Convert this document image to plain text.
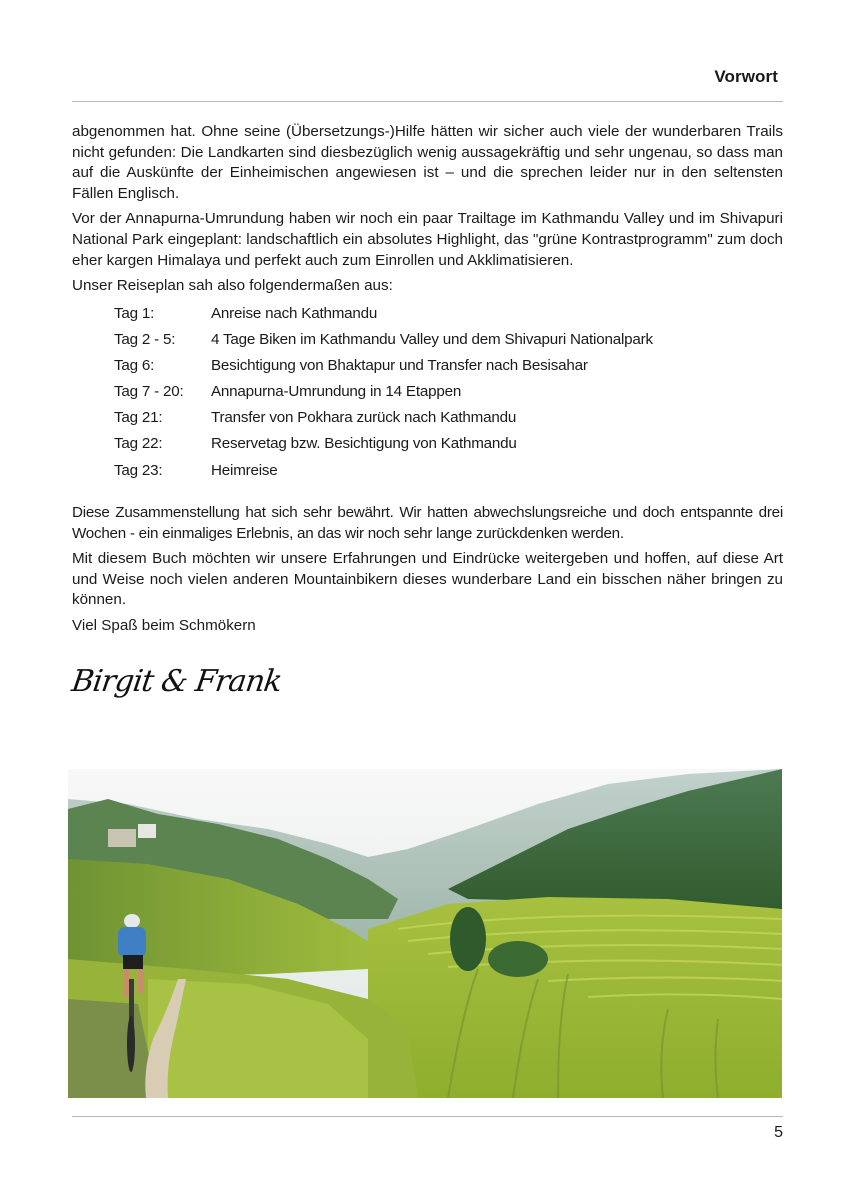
Vorwort

abgenommen hat. Ohne seine (Übersetzungs-)Hilfe hätten wir sicher auch viele der wunderbaren Trails nicht gefunden: Die Landkarten sind diesbezüglich wenig aussagekräftig und sehr ungenau, so dass man auf die Auskünfte der Einheimischen angewiesen ist – und die sprechen leider nur in den seltensten Fällen Englisch.

Vor der Annapurna-Umrundung haben wir noch ein paar Trailtage im Kathmandu Valley und im Shivapuri National Park eingeplant: landschaftlich ein absolutes Highlight, das "grüne Kontrastprogramm" zum doch eher kargen Himalaya und perfekt auch zum Einrollen und Akklimatisieren.

Unser Reiseplan sah also folgendermaßen aus:

Tag 1:	Anreise nach Kathmandu
Tag 2 - 5:	4 Tage Biken im Kathmandu Valley und dem Shivapuri Nationalpark
Tag 6:	Besichtigung von Bhaktapur und Transfer nach Besisahar
Tag 7 - 20:	Annapurna-Umrundung in 14 Etappen
Tag 21:	Transfer von Pokhara zurück nach Kathmandu
Tag 22:	Reservetag bzw. Besichtigung von Kathmandu
Tag 23:	Heimreise

Diese Zusammenstellung hat sich sehr bewährt. Wir hatten abwechslungsreiche und doch entspannte drei Wochen - ein einmaliges Erlebnis, an das wir noch sehr lange zurückdenken werden.

Mit diesem Buch möchten wir unsere Erfahrungen und Eindrücke weitergeben und hoffen, auf diese Art und Weise noch vielen anderen Mountainbikern dieses wunderbare Land ein bisschen näher bringen zu können.

Viel Spaß beim Schmökern

Birgit & Frank
5
